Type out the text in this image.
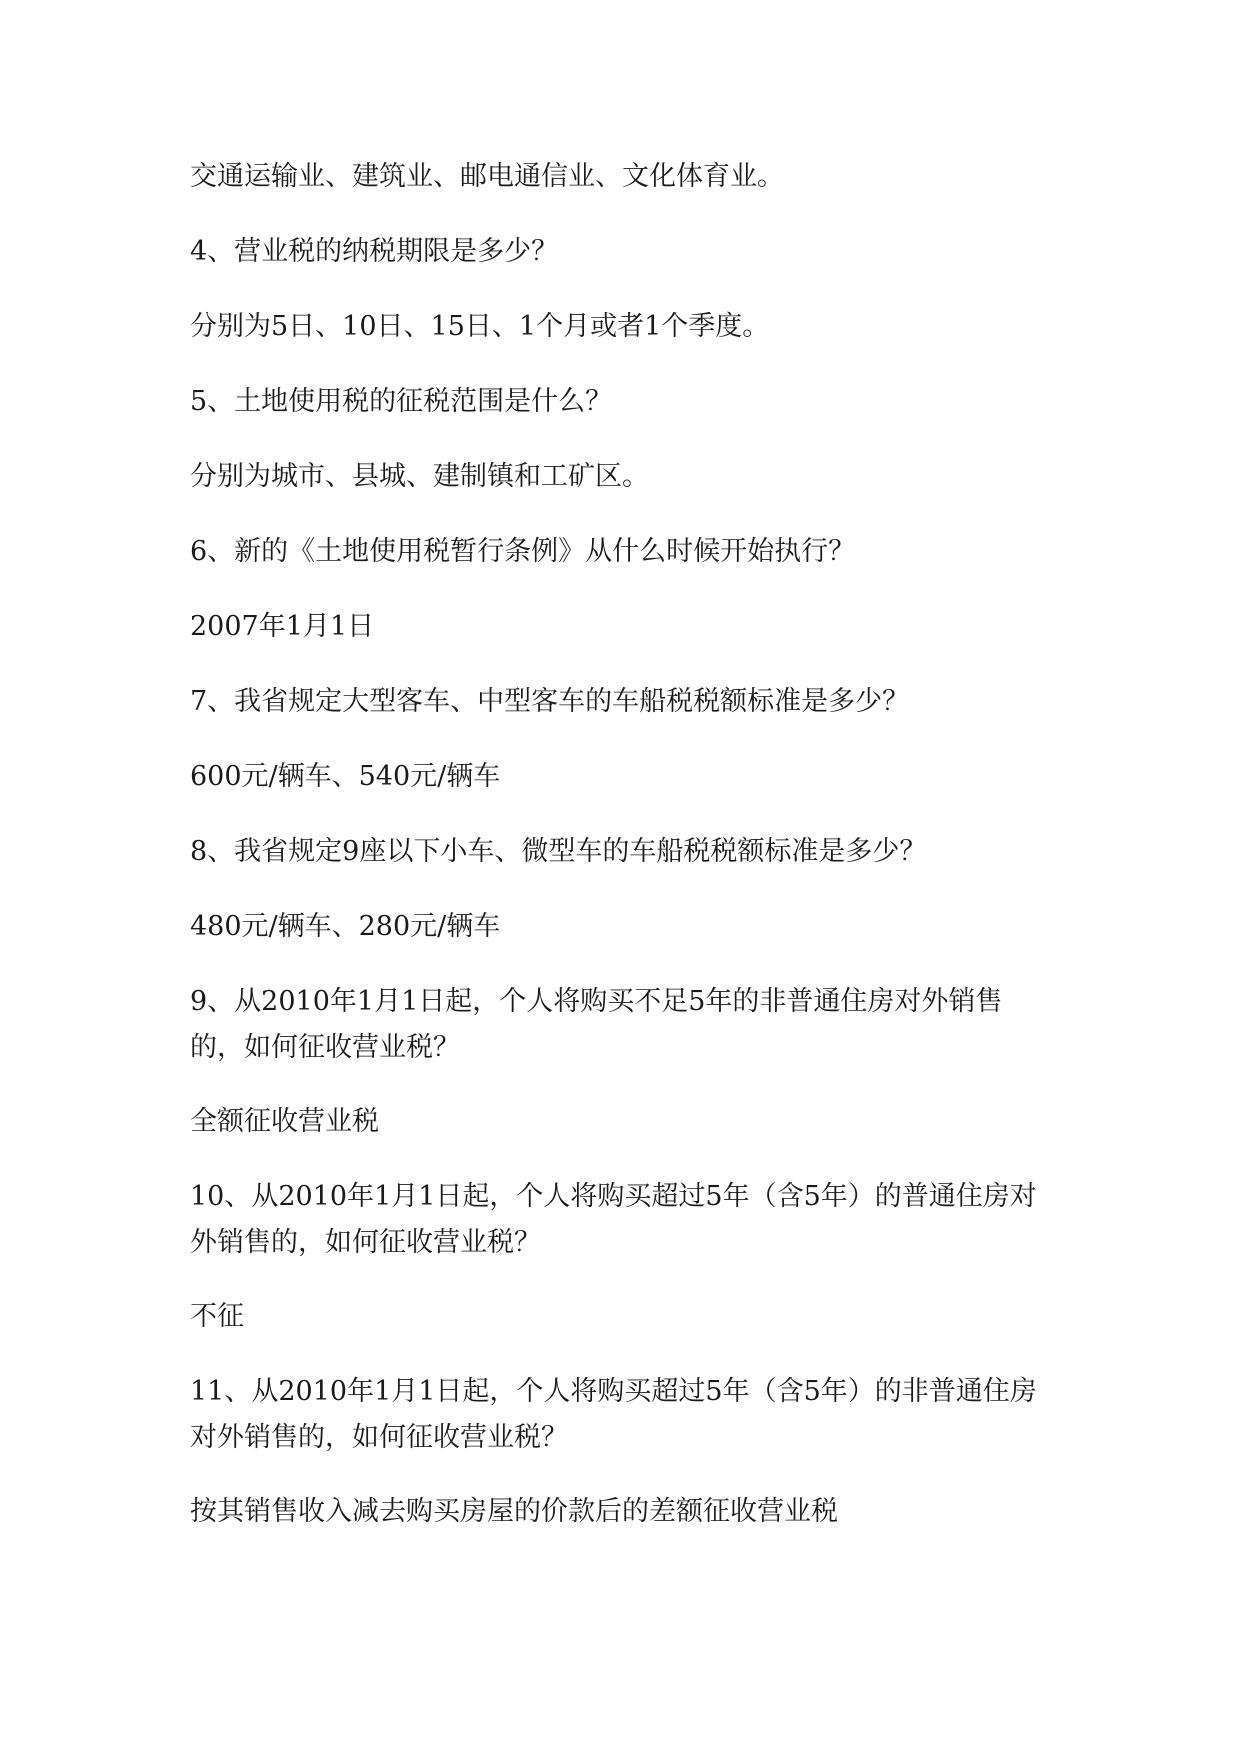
交通运输业、建筑业、邮电通信业、文化体育业。

4、营业税的纳税期限是多少？

分别为5日、10日、15日、1个月或者1个季度。

5、土地使用税的征税范围是什么？

分别为城市、县城、建制镇和工矿区。

6、新的《土地使用税暂行条例》从什么时候开始执行？

2007年1月1日

7、我省规定大型客车、中型客车的车船税税额标准是多少？

600元/辆车、540元/辆车

8、我省规定9座以下小车、微型车的车船税税额标准是多少？

480元/辆车、280元/辆车

9、从2010年1月1日起，个人将购买不足5年的非普通住房对外销售的，如何征收营业税？

全额征收营业税

10、从2010年1月1日起，个人将购买超过5年（含5年）的普通住房对外销售的，如何征收营业税？

不征

11、从2010年1月1日起，个人将购买超过5年（含5年）的非普通住房对外销售的，如何征收营业税？

按其销售收入减去购买房屋的价款后的差额征收营业税
